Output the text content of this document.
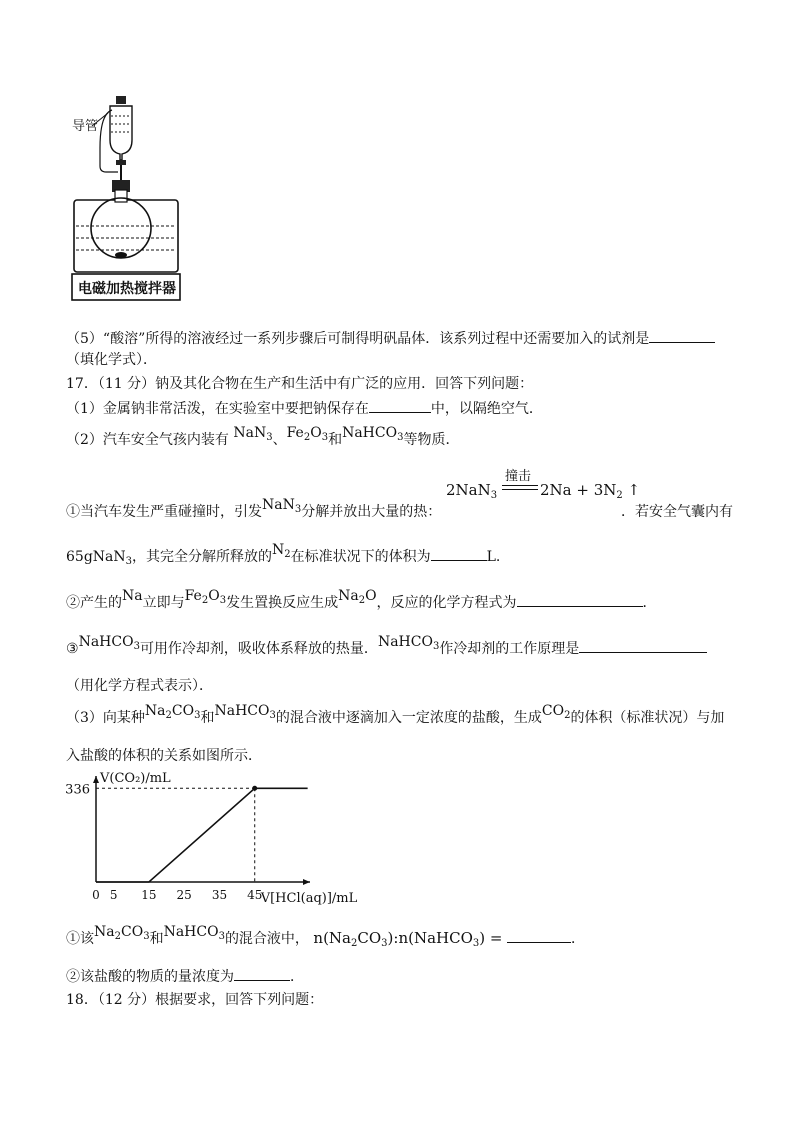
导管
电磁加热搅拌器
（5）“酸溶”所得的溶液经过一系列步骤后可制得明矾晶体．该系列过程中还需要加入的试剂是
（填化学式）．
17．（11 分）钠及其化合物在生产和生活中有广泛的应用．回答下列问题：
（1）金属钠非常活泼，在实验室中要把钠保存在	中，以隔绝空气．
（2）汽车安全气孩内装有 NaN$_3$、$Fe_2O_3$和NaHCO$_3$等物质．
撞击
2NaN$_3$	$2Na + 3N_2$ ↑
①当汽车发生严重碰撞时，引发NaN$_3$分解并放出大量的热：	．若安全气囊内有
65gNaN$_3$，其完全分解所释放的$N_2$在标准状况下的体积为	L.
②产生的Na立即与$Fe_2O_3$发生置换反应生成$Na_2O$，反应的化学方程式为	．
③NaHCO$_3$可用作冷却剂，吸收体系释放的热量．NaHCO$_3$作冷却剂的工作原理是
（用化学方程式表示）．
（3）向某种$Na_2CO_3$和NaHCO$_3$的混合液中逐滴加入一定浓度的盐酸，生成$CO_2$的体积（标准状况）与加
入盐酸的体积的关系如图所示．
V(CO₂)/mL
V[HCl(aq)]/mL
0 5 15 25 35 45
336
①该$Na_2CO_3$和NaHCO$_3$的混合液中， $n(Na_2CO_3):n(NaHCO_3)$ =	．
②该盐酸的物质的量浓度为	．
18．（12 分）根据要求，回答下列问题：
